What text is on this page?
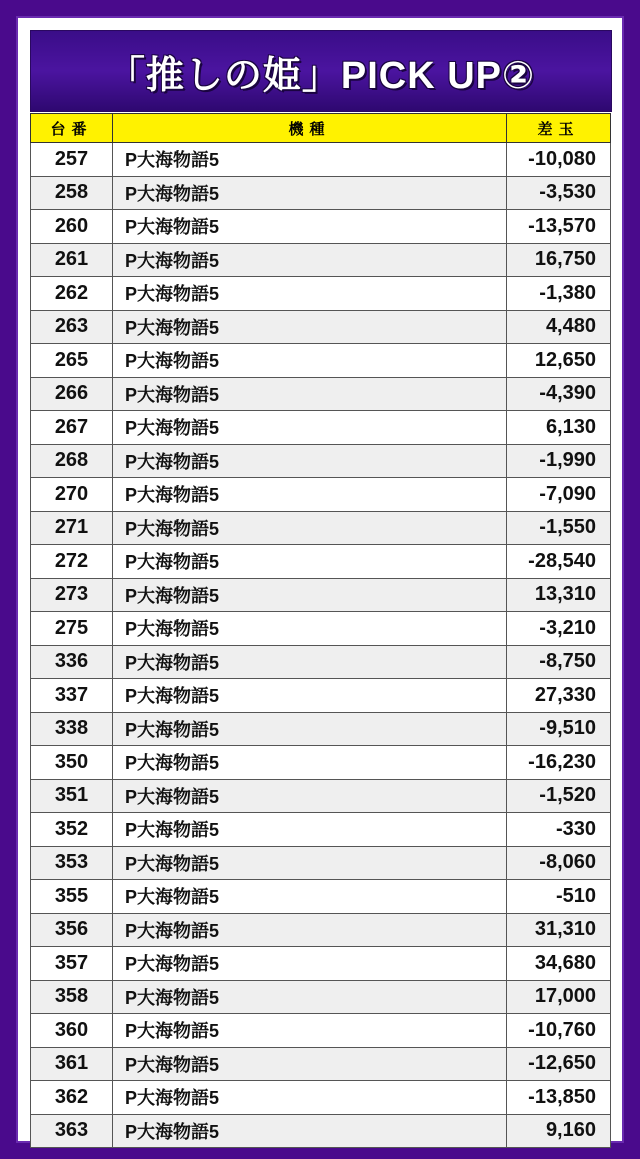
「推しの姫」PICK UP②
台番	機種	差玉
257	P大海物語5	-10,080
258	P大海物語5	-3,530
260	P大海物語5	-13,570
261	P大海物語5	16,750
262	P大海物語5	-1,380
263	P大海物語5	4,480
265	P大海物語5	12,650
266	P大海物語5	-4,390
267	P大海物語5	6,130
268	P大海物語5	-1,990
270	P大海物語5	-7,090
271	P大海物語5	-1,550
272	P大海物語5	-28,540
273	P大海物語5	13,310
275	P大海物語5	-3,210
336	P大海物語5	-8,750
337	P大海物語5	27,330
338	P大海物語5	-9,510
350	P大海物語5	-16,230
351	P大海物語5	-1,520
352	P大海物語5	-330
353	P大海物語5	-8,060
355	P大海物語5	-510
356	P大海物語5	31,310
357	P大海物語5	34,680
358	P大海物語5	17,000
360	P大海物語5	-10,760
361	P大海物語5	-12,650
362	P大海物語5	-13,850
363	P大海物語5	9,160
